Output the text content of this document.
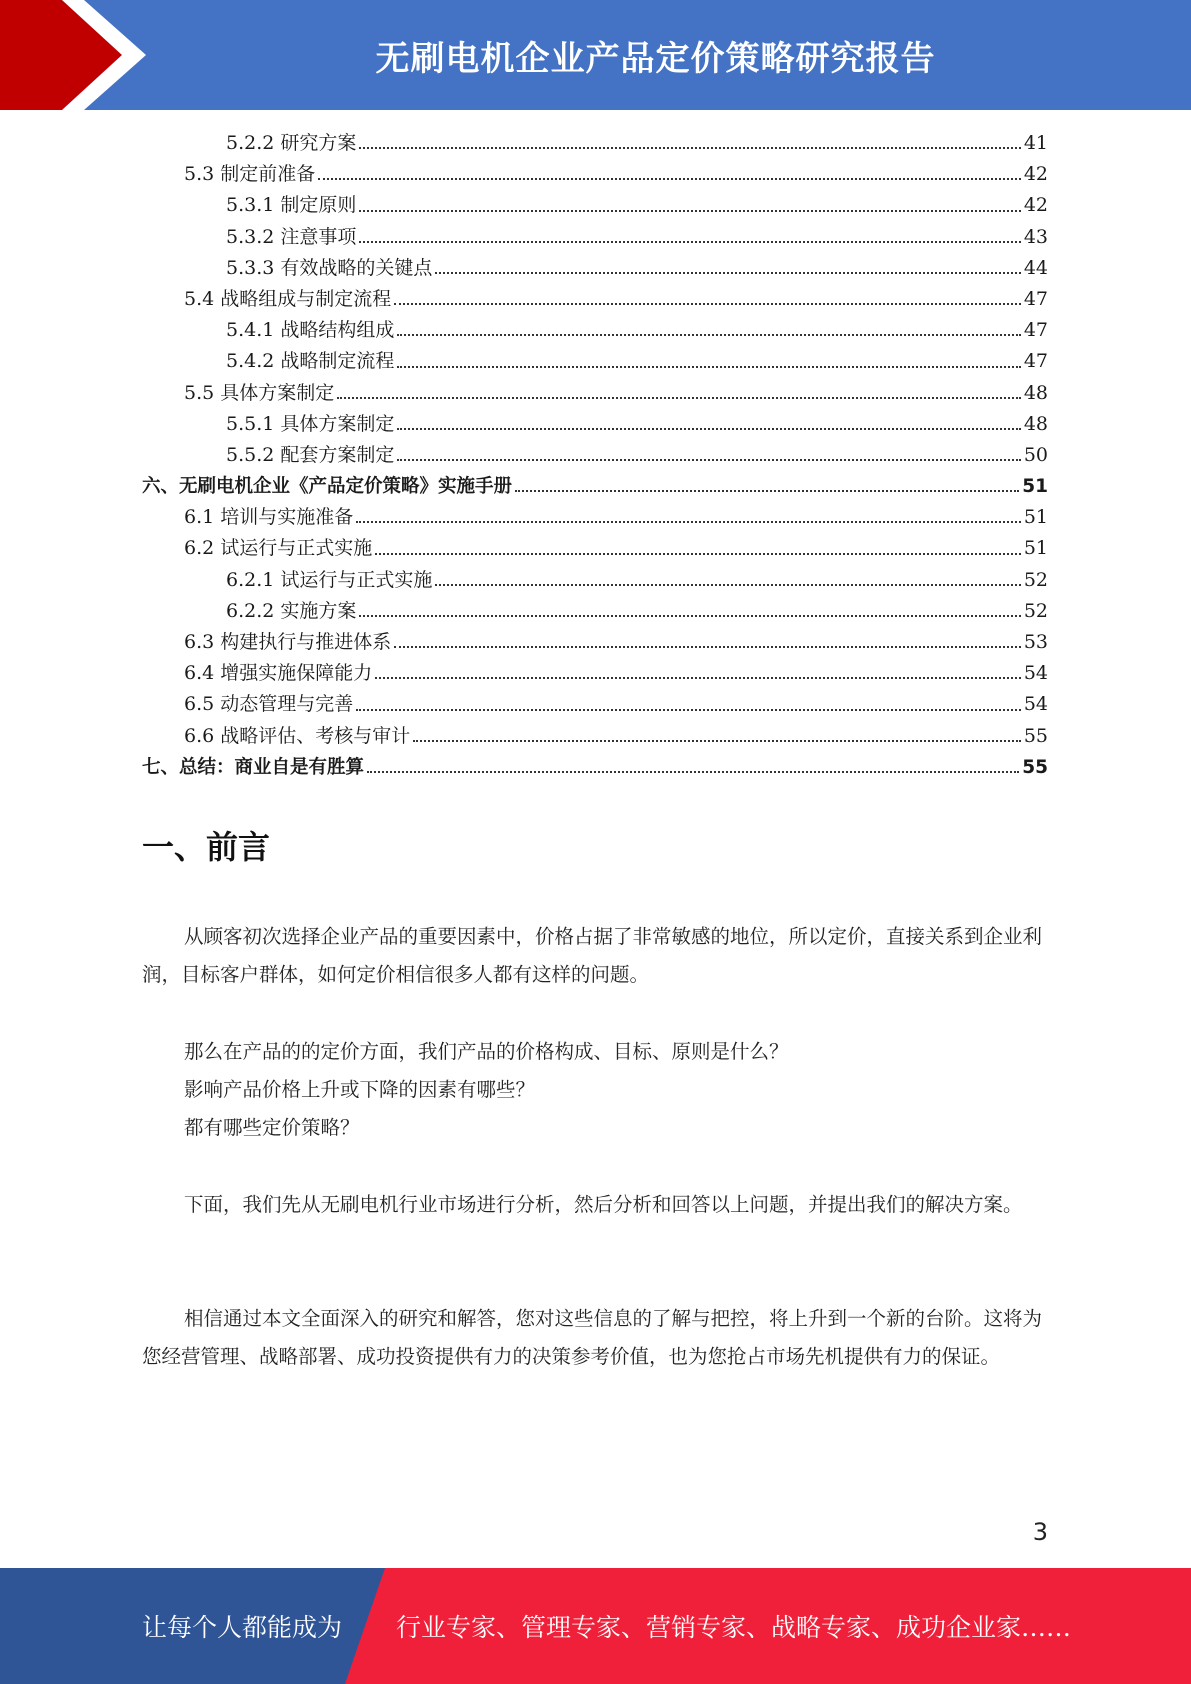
无刷电机企业产品定价策略研究报告
5.2.2 研究方案	41
5.3 制定前准备	42
5.3.1 制定原则	42
5.3.2 注意事项	43
5.3.3 有效战略的关键点	44
5.4 战略组成与制定流程	47
5.4.1 战略结构组成	47
5.4.2 战略制定流程	47
5.5 具体方案制定	48
5.5.1 具体方案制定	48
5.5.2 配套方案制定	50
六、无刷电机企业《产品定价策略》实施手册	51
6.1 培训与实施准备	51
6.2 试运行与正式实施	51
6.2.1 试运行与正式实施	52
6.2.2 实施方案	52
6.3 构建执行与推进体系	53
6.4 增强实施保障能力	54
6.5 动态管理与完善	54
6.6 战略评估、考核与审计	55
七、总结：商业自是有胜算	55
一、前言

从顾客初次选择企业产品的重要因素中，价格占据了非常敏感的地位，所以定价，直接关系到企业利润，目标客户群体，如何定价相信很多人都有这样的问题。

那么在产品的的定价方面，我们产品的价格构成、目标、原则是什么？

影响产品价格上升或下降的因素有哪些？

都有哪些定价策略？

下面，我们先从无刷电机行业市场进行分析，然后分析和回答以上问题，并提出我们的解决方案。

相信通过本文全面深入的研究和解答，您对这些信息的了解与把控，将上升到一个新的台阶。这将为您经营管理、战略部署、成功投资提供有力的决策参考价值，也为您抢占市场先机提供有力的保证。

3
让每个人都能成为 行业专家、管理专家、营销专家、战略专家、成功企业家……
